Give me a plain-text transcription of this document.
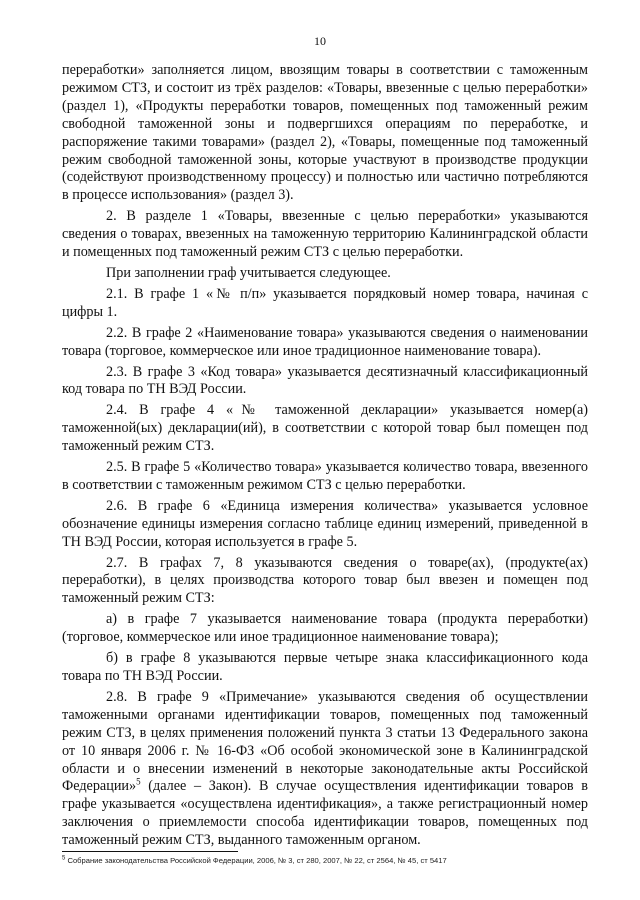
10

переработки» заполняется лицом, ввозящим товары в соответствии с таможенным режимом СТЗ, и состоит из трёх разделов: «Товары, ввезенные с целью переработки» (раздел 1), «Продукты переработки товаров, помещенных под таможенный режим свободной таможенной зоны и подвергшихся операциям по переработке, и распоряжение такими товарами» (раздел 2), «Товары, помещенные под таможенный режим свободной таможенной зоны, которые участвуют в производстве продукции (содействуют производственному процессу) и полностью или частично потребляются в процессе использования» (раздел 3).

2. В разделе 1 «Товары, ввезенные с целью переработки» указываются сведения о товарах, ввезенных на таможенную территорию Калининградской области и помещенных под таможенный режим СТЗ с целью переработки.

При заполнении граф учитывается следующее.

2.1. В графе 1 «№ п/п» указывается порядковый номер товара, начиная с цифры 1.

2.2. В графе 2 «Наименование товара» указываются сведения о наименовании товара (торговое, коммерческое или иное традиционное наименование товара).

2.3. В графе 3 «Код товара» указывается десятизначный классификационный код товара по ТН ВЭД России.

2.4. В графе 4 «№ таможенной декларации» указывается номер(а) таможенной(ых) декларации(ий), в соответствии с которой товар был помещен под таможенный режим СТЗ.

2.5. В графе 5 «Количество товара» указывается количество товара, ввезенного в соответствии с таможенным режимом СТЗ с целью переработки.

2.6. В графе 6 «Единица измерения количества» указывается условное обозначение единицы измерения согласно таблице единиц измерений, приведенной в ТН ВЭД России, которая используется в графе 5.

2.7. В графах 7, 8 указываются сведения о товаре(ах), (продукте(ах) переработки), в целях производства которого товар был ввезен и помещен под таможенный режим СТЗ:

а) в графе 7 указывается наименование товара (продукта переработки) (торговое, коммерческое или иное традиционное наименование товара);

б) в графе 8 указываются первые четыре знака классификационного кода товара по ТН ВЭД России.

2.8. В графе 9 «Примечание» указываются сведения об осуществлении таможенными органами идентификации товаров, помещенных под таможенный режим СТЗ, в целях применения положений пункта 3 статьи 13 Федерального закона от 10 января 2006 г. № 16-ФЗ «Об особой экономической зоне в Калининградской области и о внесении изменений в некоторые законодательные акты Российской Федерации»$^5$ (далее – Закон). В случае осуществления идентификации товаров в графе указывается «осуществлена идентификация», а также регистрационный номер заключения о приемлемости способа идентификации товаров, помещенных под таможенный режим СТЗ, выданного таможенным органом.

$^5$ Собрание законодательства Российской Федерации, 2006, № 3, ст 280, 2007, № 22, ст 2564, № 45, ст 5417
